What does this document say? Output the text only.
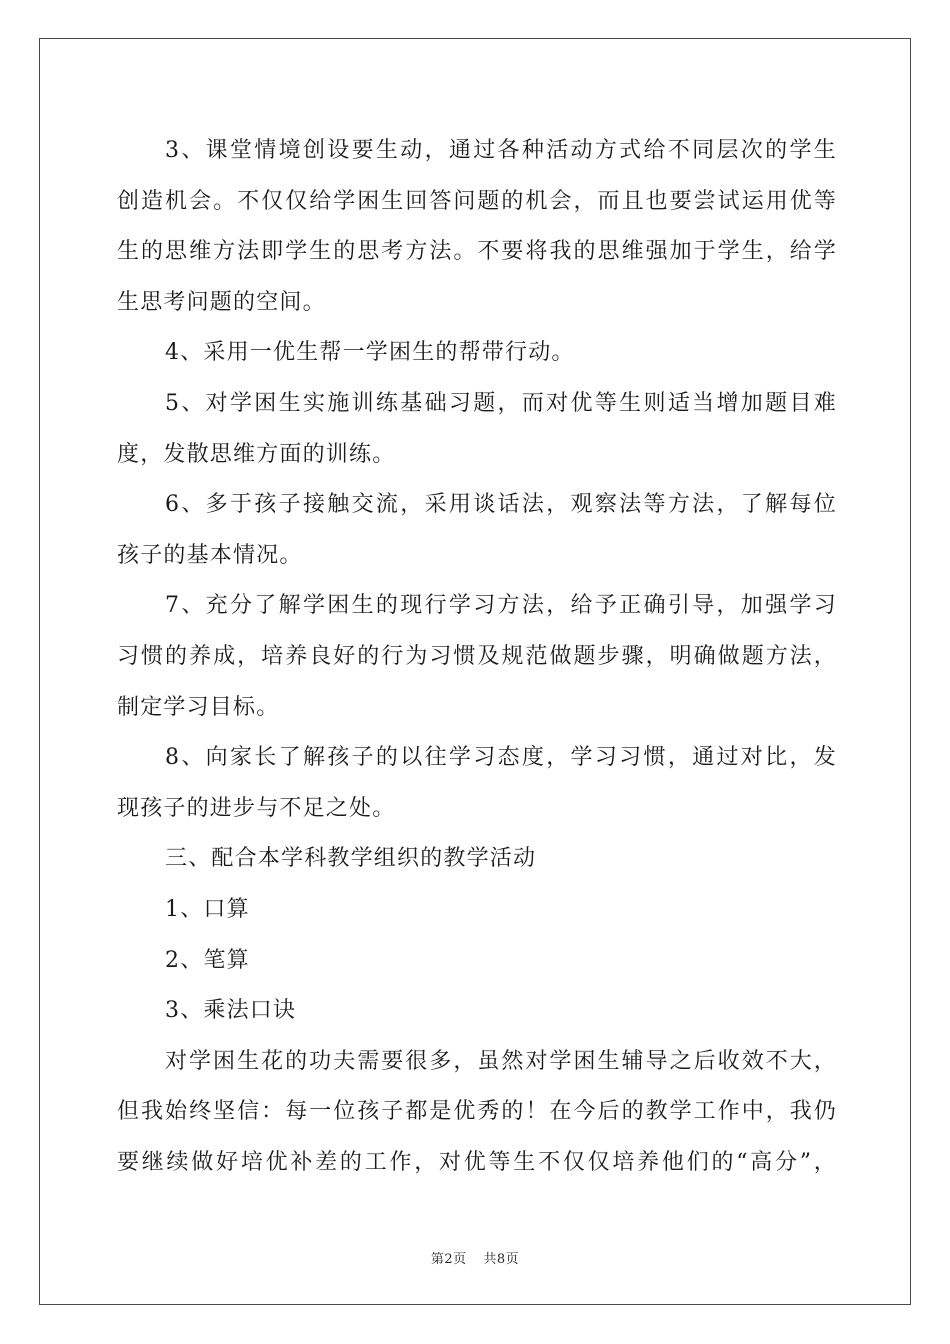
3、课堂情境创设要生动，通过各种活动方式给不同层次的学生
创造机会。不仅仅给学困生回答问题的机会，而且也要尝试运用优等
生的思维方法即学生的思考方法。不要将我的思维强加于学生，给学
生思考问题的空间。
4、采用一优生帮一学困生的帮带行动。
5、对学困生实施训练基础习题，而对优等生则适当增加题目难
度，发散思维方面的训练。
6、多于孩子接触交流，采用谈话法，观察法等方法，了解每位
孩子的基本情况。
7、充分了解学困生的现行学习方法，给予正确引导，加强学习
习惯的养成，培养良好的行为习惯及规范做题步骤，明确做题方法，
制定学习目标。
8、向家长了解孩子的以往学习态度，学习习惯，通过对比，发
现孩子的进步与不足之处。
三、配合本学科教学组织的教学活动
1、口算
2、笔算
3、乘法口诀
对学困生花的功夫需要很多，虽然对学困生辅导之后收效不大，
但我始终坚信：每一位孩子都是优秀的！在今后的教学工作中，我仍
要继续做好培优补差的工作，对优等生不仅仅培养他们的“高分”，
第2页 共8页
